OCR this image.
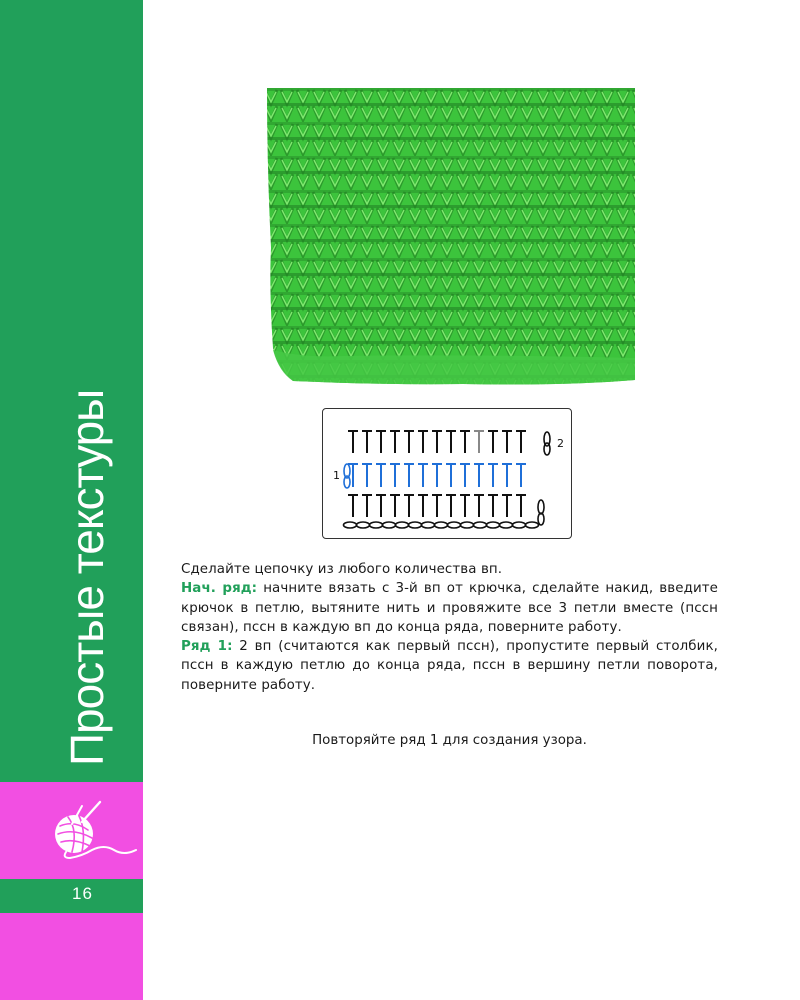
Простые текстуры
16
1
2

Сделайте цепочку из любого количества вп.

Нач. ряд: начните вязать с 3-й вп от крючка, сделайте накид, введите крючок в петлю, вытяните нить и провяжите все 3 петли вместе (пссн связан), пссн в каждую вп до конца ряда, поверните работу.

Ряд 1: 2 вп (считаются как первый пссн), пропустите первый столбик, пссн в каждую петлю до конца ряда, пссн в вершину петли поворота, поверните работу.

Повторяйте ряд 1 для создания узора.
